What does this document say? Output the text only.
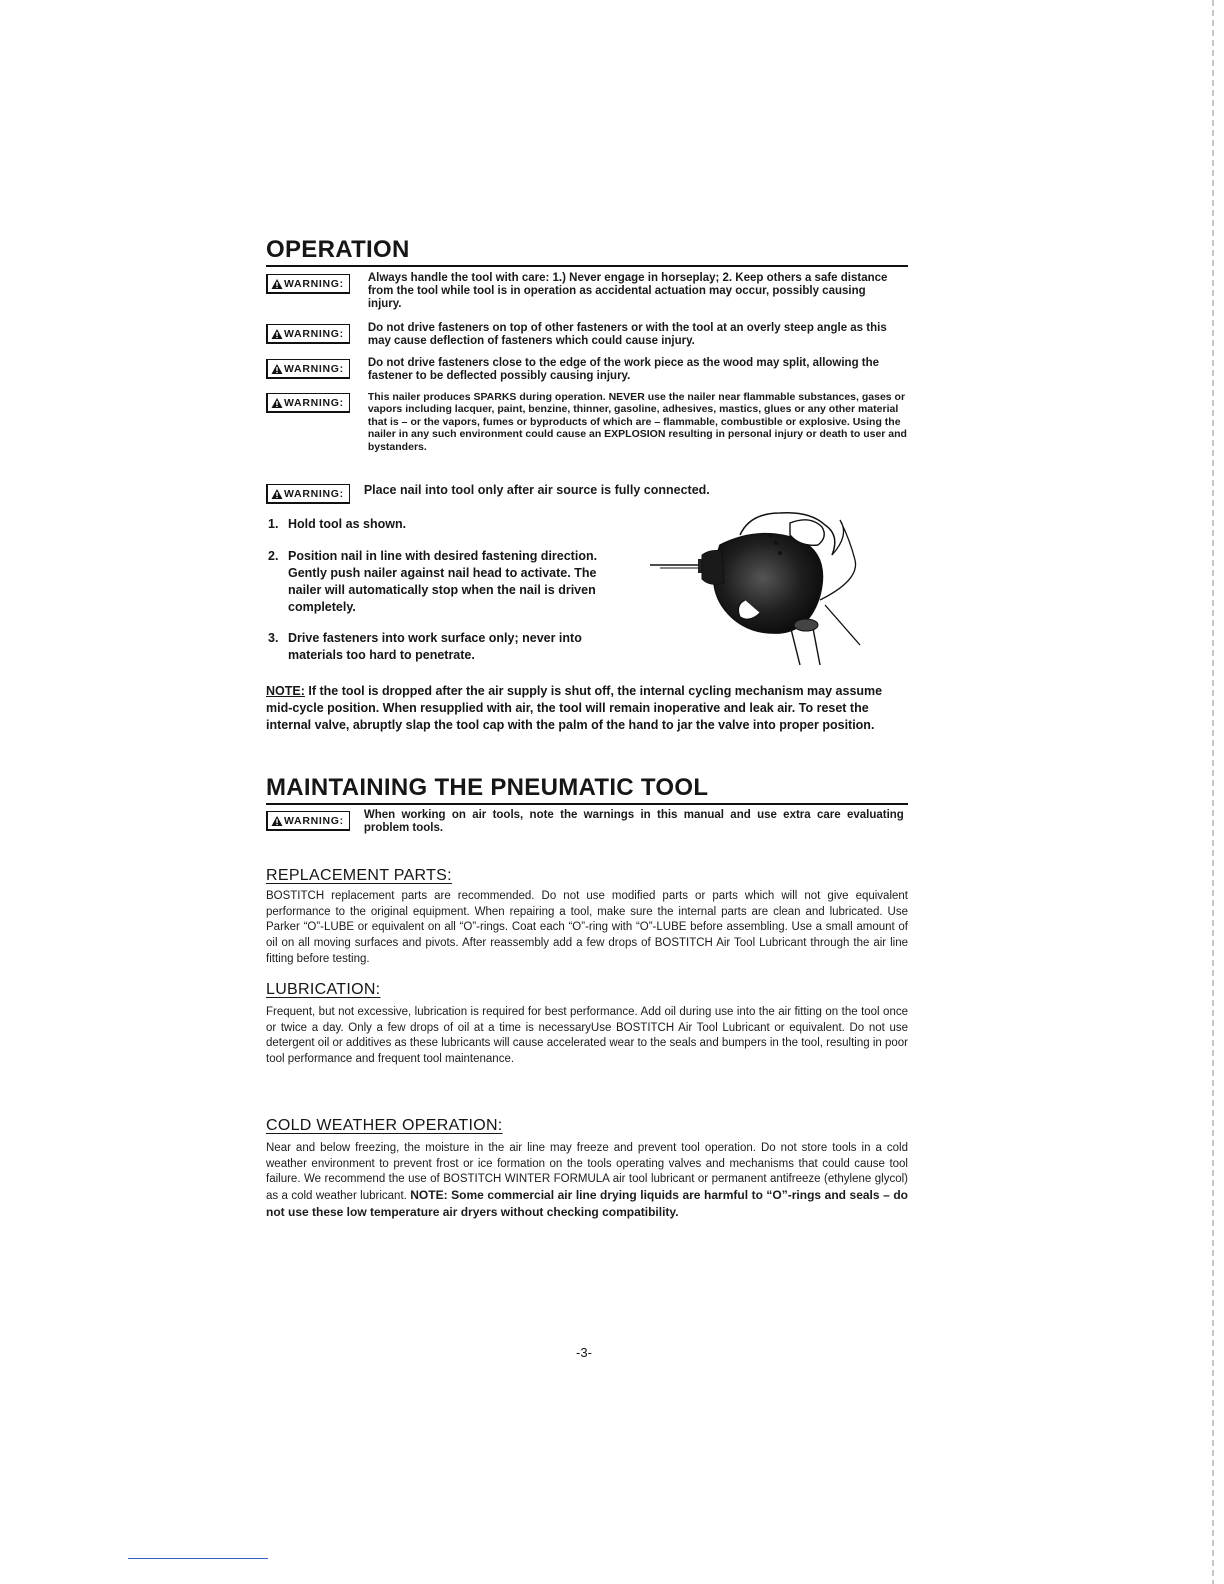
OPERATION
WARNING: Always handle the tool with care: 1.) Never engage in horseplay; 2. Keep others a safe distance from the tool while tool is in operation as accidental actuation may occur, possibly causing injury.

WARNING: Do not drive fasteners on top of other fasteners or with the tool at an overly steep angle as this may cause deflection of fasteners which could cause injury.

WARNING: Do not drive fasteners close to the edge of the work piece as the wood may split, allowing the fastener to be deflected possibly causing injury.

WARNING: This nailer produces SPARKS during operation. NEVER use the nailer near flammable substances, gases or vapors including lacquer, paint, benzine, thinner, gasoline, adhesives, mastics, glues or any other material that is – or the vapors, fumes or byproducts of which are – flammable, combustible or explosive. Using the nailer in any such environment could cause an EXPLOSION resulting in personal injury or death to user and bystanders.

WARNING: Place nail into tool only after air source is fully connected.

1. Hold tool as shown.
2. Position nail in line with desired fastening direction. Gently push nailer against nail head to activate. The nailer will automatically stop when the nail is driven completely.
3. Drive fasteners into work surface only; never into materials too hard to penetrate.

NOTE: If the tool is dropped after the air supply is shut off, the internal cycling mechanism may assume mid-cycle position. When resupplied with air, the tool will remain inoperative and leak air. To reset the internal valve, abruptly slap the tool cap with the palm of the hand to jar the valve into proper position.

MAINTAINING THE PNEUMATIC TOOL
WARNING: When working on air tools, note the warnings in this manual and use extra care evaluating problem tools.

REPLACEMENT PARTS:

BOSTITCH replacement parts are recommended. Do not use modified parts or parts which will not give equivalent performance to the original equipment. When repairing a tool, make sure the internal parts are clean and lubricated. Use Parker “O”-LUBE or equivalent on all “O”-rings. Coat each “O”-ring with “O”-LUBE before assembling. Use a small amount of oil on all moving surfaces and pivots. After reassembly add a few drops of BOSTITCH Air Tool Lubricant through the air line fitting before testing.

LUBRICATION:

Frequent, but not excessive, lubrication is required for best performance. Add oil during use into the air fitting on the tool once or twice a day. Only a few drops of oil at a time is necessaryUse BOSTITCH Air Tool Lubricant or equivalent. Do not use detergent oil or additives as these lubricants will cause accelerated wear to the seals and bumpers in the tool, resulting in poor tool performance and frequent tool maintenance.

COLD WEATHER OPERATION:

Near and below freezing, the moisture in the air line may freeze and prevent tool operation. Do not store tools in a cold weather environment to prevent frost or ice formation on the tools operating valves and mechanisms that could cause tool failure. We recommend the use of BOSTITCH WINTER FORMULA air tool lubricant or permanent antifreeze (ethylene glycol) as a cold weather lubricant. NOTE: Some commercial air line drying liquids are harmful to “O”-rings and seals – do not use these low temperature air dryers without checking compatibility.

-3-
